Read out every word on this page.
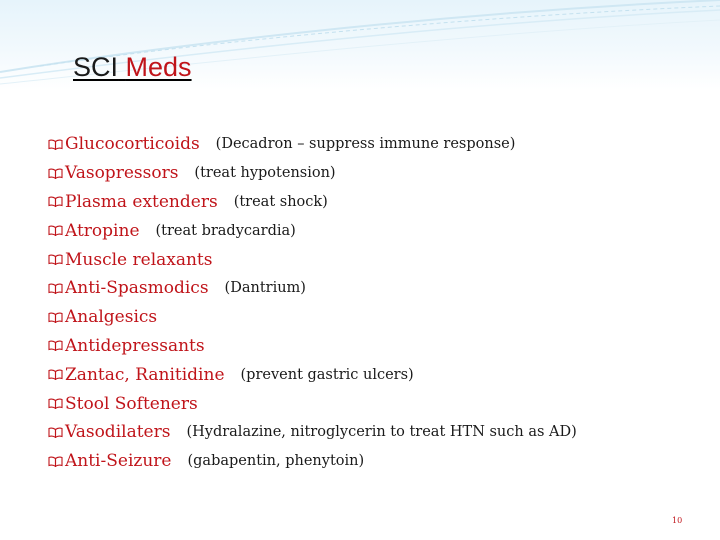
SCI Meds
Glucocorticoids (Decadron – suppress immune response)
Vasopressors (treat hypotension)
Plasma extenders (treat shock)
Atropine (treat bradycardia)
Muscle relaxants
Anti-Spasmodics (Dantrium)
Analgesics
Antidepressants
Zantac, Ranitidine (prevent gastric ulcers)
Stool Softeners
Vasodilaters (Hydralazine, nitroglycerin to treat HTN such as AD)
Anti-Seizure (gabapentin, phenytoin)
10
